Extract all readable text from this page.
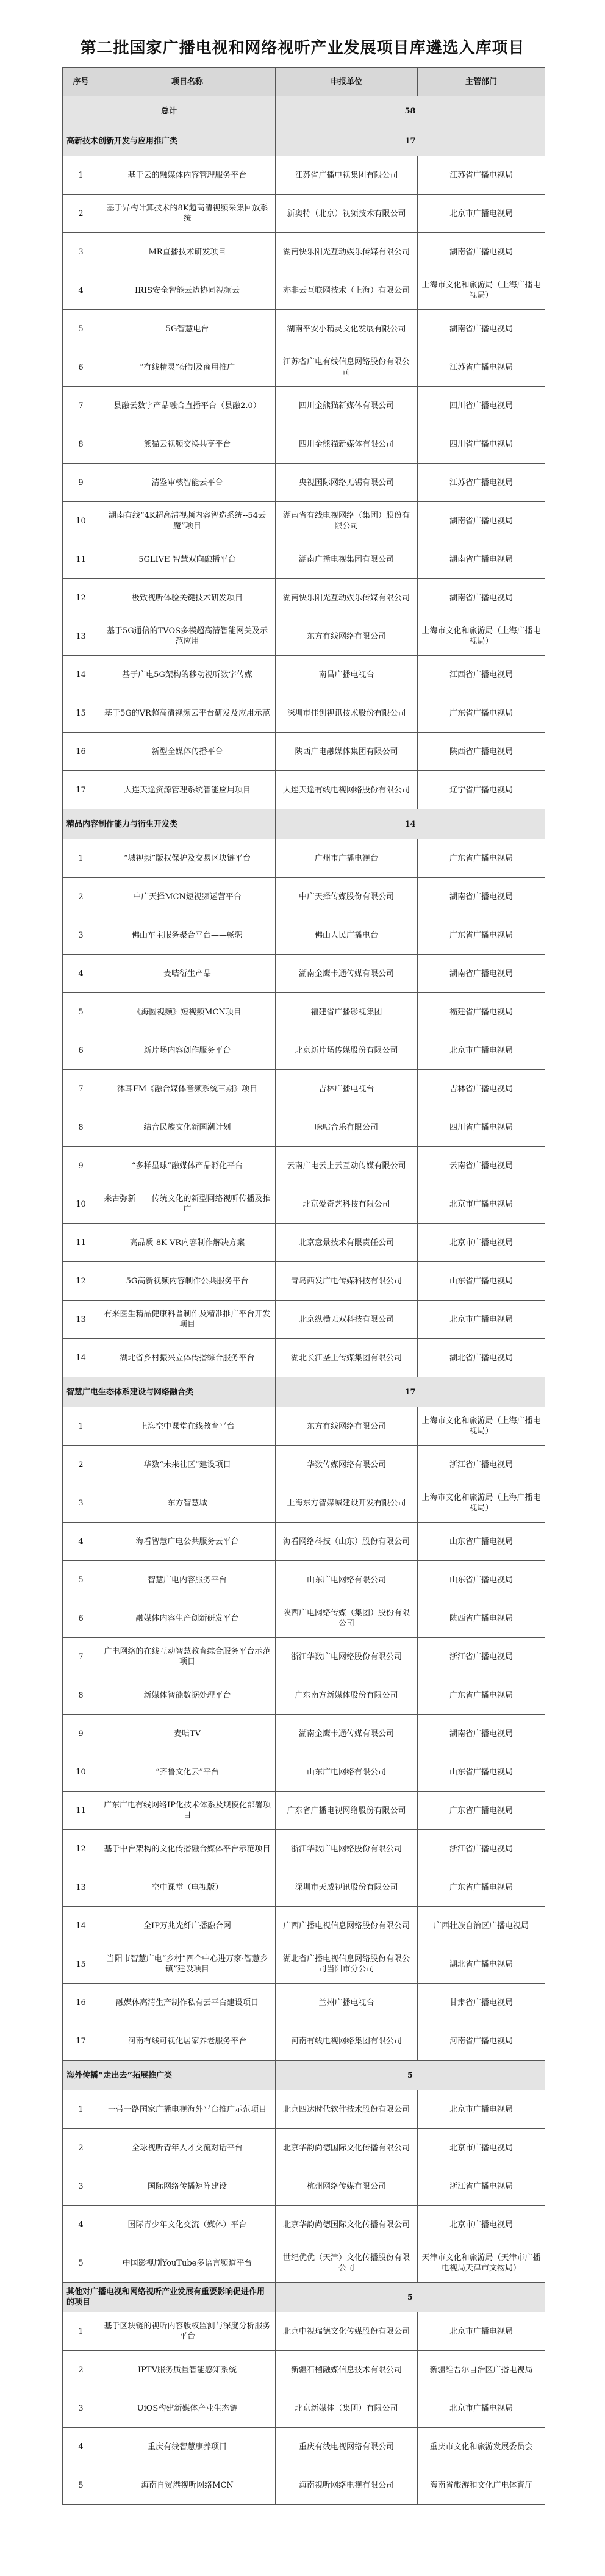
第二批国家广播电视和网络视听产业发展项目库遴选入库项目
序号	项目名称	申报单位	主管部门
总计		58	
高新技术创新开发与应用推广类		17	
1	基于云的融媒体内容管理服务平台	江苏省广播电视集团有限公司	江苏省广播电视局
2	基于异构计算技术的8K超高清视频采集回放系统	新奥特（北京）视频技术有限公司	北京市广播电视局
3	MR直播技术研发项目	湖南快乐阳光互动娱乐传媒有限公司	湖南省广播电视局
4	IRIS安全智能云边协同视频云	亦非云互联网技术（上海）有限公司	上海市文化和旅游局（上海广播电视局）
5	5G智慧电台	湖南平安小精灵文化发展有限公司	湖南省广播电视局
6	“有线精灵”研制及商用推广	江苏省广电有线信息网络股份有限公司	江苏省广播电视局
7	县融云数字产品融合直播平台（县融2.0）	四川金熊猫新媒体有限公司	四川省广播电视局
8	熊猫云视频交换共享平台	四川金熊猫新媒体有限公司	四川省广播电视局
9	清鉴审核智能云平台	央视国际网络无锡有限公司	江苏省广播电视局
10	湖南有线“4K超高清视频内容智造系统--54云魔”项目	湖南省有线电视网络（集团）股份有限公司	湖南省广播电视局
11	5GLIVE 智慧双向融播平台	湖南广播电视集团有限公司	湖南省广播电视局
12	极致视听体验关键技术研发项目	湖南快乐阳光互动娱乐传媒有限公司	湖南省广播电视局
13	基于5G通信的TVOS多模超高清智能网关及示范应用	东方有线网络有限公司	上海市文化和旅游局（上海广播电视局）
14	基于广电5G架构的移动视听数字传媒	南昌广播电视台	江西省广播电视局
15	基于5G的VR超高清视频云平台研发及应用示范	深圳市佳创视讯技术股份有限公司	广东省广播电视局
16	新型全媒体传播平台	陕西广电融媒体集团有限公司	陕西省广播电视局
17	大连天途资源管理系统智能应用项目	大连天途有线电视网络股份有限公司	辽宁省广播电视局
精品内容制作能力与衍生开发类		14	
1	“城视频”版权保护及交易区块链平台	广州市广播电视台	广东省广播电视局
2	中广天择MCN短视频运营平台	中广天择传媒股份有限公司	湖南省广播电视局
3	佛山车主服务聚合平台——畅骋	佛山人民广播电台	广东省广播电视局
4	麦咭衍生产品	湖南金鹰卡通传媒有限公司	湖南省广播电视局
5	《海圆视频》短视频MCN项目	福建省广播影视集团	福建省广播电视局
6	新片场内容创作服务平台	北京新片场传媒股份有限公司	北京市广播电视局
7	沐耳FM《融合媒体音频系统三期》项目	吉林广播电视台	吉林省广播电视局
8	结音民族文化新国潮计划	咪咕音乐有限公司	四川省广播电视局
9	“多样星球”融媒体产品孵化平台	云南广电云上云互动传媒有限公司	云南省广播电视局
10	来古弥新——传统文化的新型网络视听传播及推广	北京爱奇艺科技有限公司	北京市广播电视局
11	高品质 8K VR内容制作解决方案	北京意景技术有限责任公司	北京市广播电视局
12	5G高新视频内容制作公共服务平台	青岛西发广电传媒科技有限公司	山东省广播电视局
13	有来医生精品健康科普制作及精准推广平台开发项目	北京纵横无双科技有限公司	北京市广播电视局
14	湖北省乡村振兴立体传播综合服务平台	湖北长江垄上传媒集团有限公司	湖北省广播电视局
智慧广电生态体系建设与网络融合类		17	
1	上海空中课堂在线教育平台	东方有线网络有限公司	上海市文化和旅游局（上海广播电视局）
2	华数“未来社区”建设项目	华数传媒网络有限公司	浙江省广播电视局
3	东方智慧城	上海东方智媒城建设开发有限公司	上海市文化和旅游局（上海广播电视局）
4	海看智慧广电公共服务云平台	海看网络科技（山东）股份有限公司	山东省广播电视局
5	智慧广电内容服务平台	山东广电网络有限公司	山东省广播电视局
6	融媒体内容生产创新研发平台	陕西广电网络传媒（集团）股份有限公司	陕西省广播电视局
7	广电网络的在线互动智慧教育综合服务平台示范项目	浙江华数广电网络股份有限公司	浙江省广播电视局
8	新媒体智能数据处理平台	广东南方新媒体股份有限公司	广东省广播电视局
9	麦咭TV	湖南金鹰卡通传媒有限公司	湖南省广播电视局
10	“齐鲁文化云”平台	山东广电网络有限公司	山东省广播电视局
11	广东广电有线网络IP化技术体系及规模化部署项目	广东省广播电视网络股份有限公司	广东省广播电视局
12	基于中台架构的文化传播融合媒体平台示范项目	浙江华数广电网络股份有限公司	浙江省广播电视局
13	空中课堂（电视版）	深圳市天威视讯股份有限公司	广东省广播电视局
14	全IP万兆光纤广播融合网	广西广播电视信息网络股份有限公司	广西壮族自治区广播电视局
15	当阳市智慧广电“乡村”四个中心进万家·智慧乡镇”建设项目	湖北省广播电视信息网络股份有限公司当阳市分公司	湖北省广播电视局
16	融媒体高清生产制作私有云平台建设项目	兰州广播电视台	甘肃省广播电视局
17	河南有线可视化居家养老服务平台	河南有线电视网络集团有限公司	河南省广播电视局
海外传播“走出去”拓展推广类		5	
1	一带一路国家广播电视海外平台推广示范项目	北京四达时代软件技术股份有限公司	北京市广播电视局
2	全球视听青年人才交流对话平台	北京华韵尚德国际文化传播有限公司	北京市广播电视局
3	国际网络传播矩阵建设	杭州网络传媒有限公司	浙江省广播电视局
4	国际青少年文化交流（媒体）平台	北京华韵尚德国际文化传播有限公司	北京市广播电视局
5	中国影视剧YouTube多语言频道平台	世纪优优（天津）文化传播股份有限公司	天津市文化和旅游局（天津市广播电视局天津市文物局）
其他对广播电视和网络视听产业发展有重要影响促进作用的项目		5	
1	基于区块链的视听内容版权监测与深度分析服务平台	北京中视瑞德文化传媒股份有限公司	北京市广播电视局
2	IPTV服务质量智能感知系统	新疆石榴融媒信息技术有限公司	新疆维吾尔自治区广播电视局
3	UiOS构建新媒体产业生态链	北京新媒体（集团）有限公司	北京市广播电视局
4	重庆有线智慧康养项目	重庆有线电视网络有限公司	重庆市文化和旅游发展委员会
5	海南自贸港视听网络MCN	海南视听网络电视有限公司	海南省旅游和文化广电体育厅
